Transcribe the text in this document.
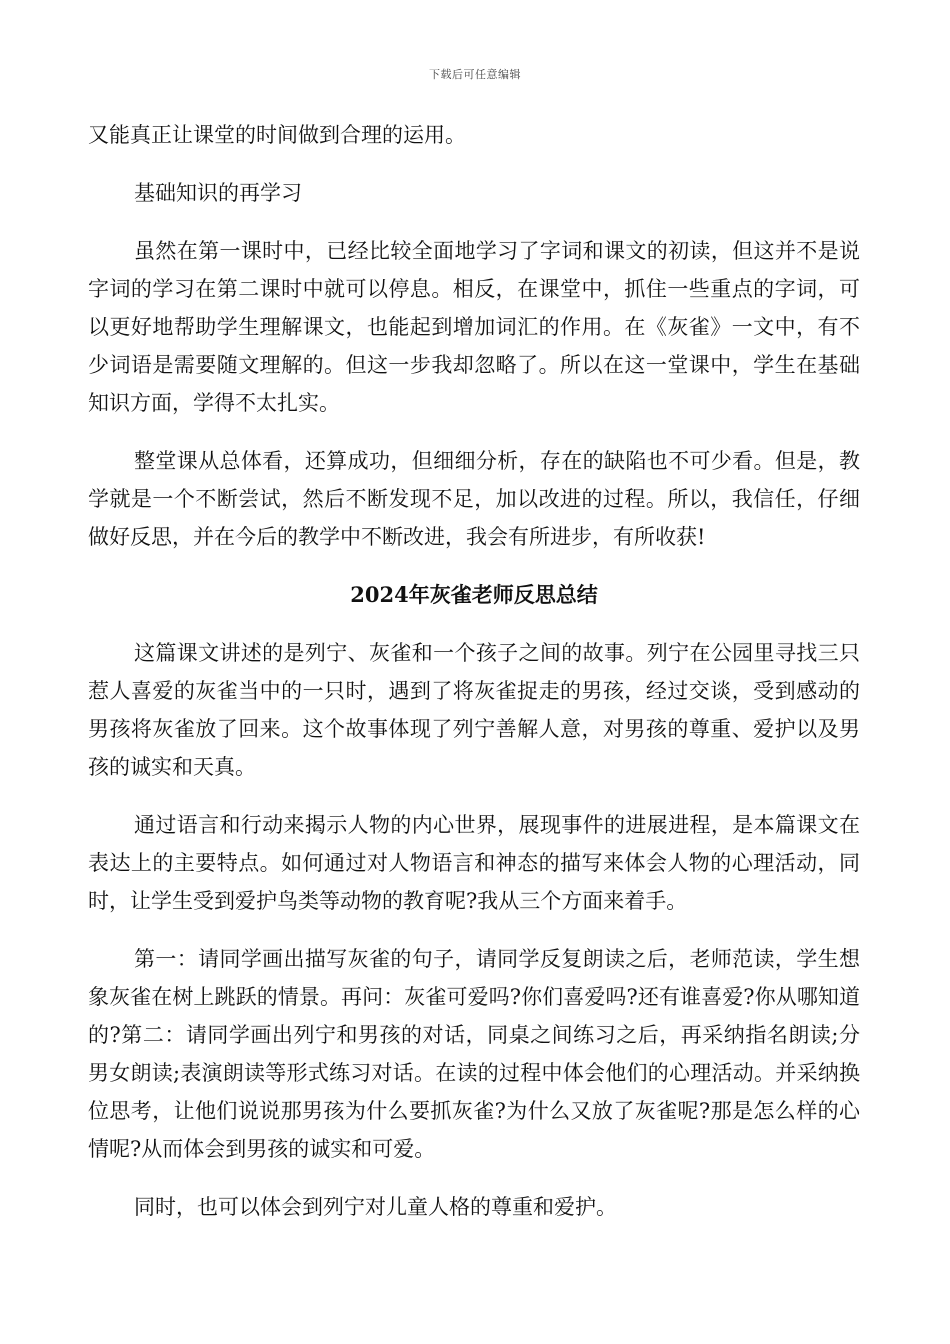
下载后可任意编辑

又能真正让课堂的时间做到合理的运用。

基础知识的再学习

虽然在第一课时中，已经比较全面地学习了字词和课文的初读，但这并不是说字词的学习在第二课时中就可以停息。相反，在课堂中，抓住一些重点的字词，可以更好地帮助学生理解课文，也能起到增加词汇的作用。在《灰雀》一文中，有不少词语是需要随文理解的。但这一步我却忽略了。所以在这一堂课中，学生在基础知识方面，学得不太扎实。

整堂课从总体看，还算成功，但细细分析，存在的缺陷也不可少看。但是，教学就是一个不断尝试，然后不断发现不足，加以改进的过程。所以，我信任，仔细做好反思，并在今后的教学中不断改进，我会有所进步，有所收获!

2024年灰雀老师反思总结

这篇课文讲述的是列宁、灰雀和一个孩子之间的故事。列宁在公园里寻找三只惹人喜爱的灰雀当中的一只时，遇到了将灰雀捉走的男孩，经过交谈，受到感动的男孩将灰雀放了回来。这个故事体现了列宁善解人意，对男孩的尊重、爱护以及男孩的诚实和天真。

通过语言和行动来揭示人物的内心世界，展现事件的进展进程，是本篇课文在表达上的主要特点。如何通过对人物语言和神态的描写来体会人物的心理活动，同时，让学生受到爱护鸟类等动物的教育呢?我从三个方面来着手。

第一：请同学画出描写灰雀的句子，请同学反复朗读之后，老师范读，学生想象灰雀在树上跳跃的情景。再问：灰雀可爱吗?你们喜爱吗?还有谁喜爱?你从哪知道的?第二：请同学画出列宁和男孩的对话，同桌之间练习之后，再采纳指名朗读;分男女朗读;表演朗读等形式练习对话。在读的过程中体会他们的心理活动。并采纳换位思考，让他们说说那男孩为什么要抓灰雀?为什么又放了灰雀呢?那是怎么样的心情呢?从而体会到男孩的诚实和可爱。

同时，也可以体会到列宁对儿童人格的尊重和爱护。
